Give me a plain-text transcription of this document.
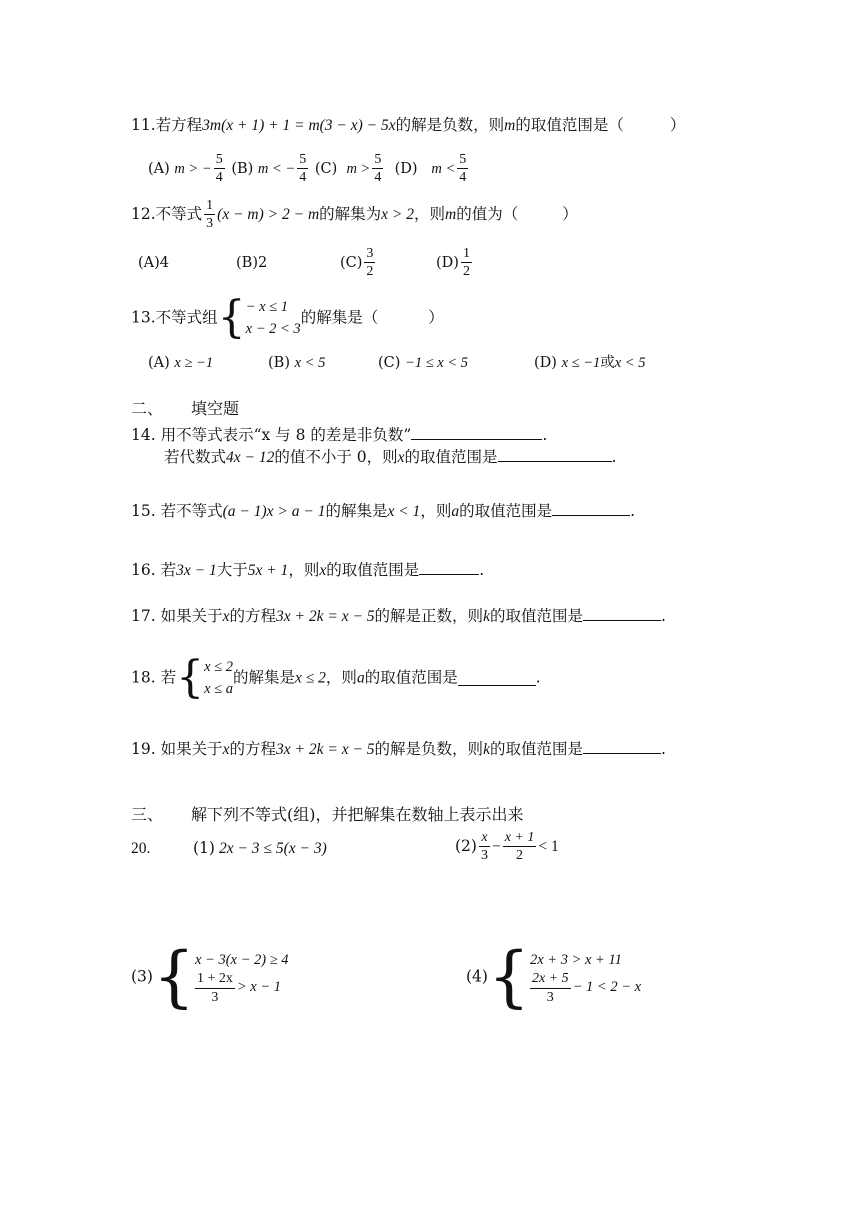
11.若方程3m(x + 1) + 1 = m(3 − x) − 5x的解是负数，则m的取值范围是（	）
(A) m > − $\frac{5}{4} (B) m$ < − $\frac{5}{4} (C) m > \frac{5}{4} (D) m < \frac{5}{4}$
12.不等式 $\frac{1}{3} (x - m) > 2 - m$的解集为x > 2，则m的值为（	）
(A)4	(B)2	$(C) \frac{3}{2}$	$(D) \frac{1}{2}$
13.不等式组{ − x ≤ 1
x − 2 < 3
的解集是（	）
(A) x ≥ −1	(B) x < 5	(C) −1 ≤ x < 5	(D) x ≤ −1或x < 5
二、 填空题
14. 用不等式表示“x 与 8 的差是非负数”	.
若代数式4x − 12的值不小于 0，则x的取值范围是	.
15. 若不等式(a − 1)x > a − 1的解集是x < 1，则a的取值范围是	.
16. 若3x − 1大于5x + 1，则x的取值范围是	.
17. 如果关于x的方程3x + 2k = x − 5的解是正数，则k的取值范围是	.
18. 若{ x ≤ 2
x ≤ a
的解集是x ≤ 2，则a的取值范围是	.
19. 如果关于x的方程3x + 2k = x − 5的解是负数，则k的取值范围是	.
三、 解下列不等式(组)，并把解集在数轴上表示出来
20.	(1) 2x − 3 ≤ 5(x − 3)	$(2) \frac{x}{3} - \frac{x + 1}{2} < 1$
(3){ x − 3(x − 2) ≥ 4
$\frac{1 + 2x}{3} > x - 1$
(4){ 2x + 3 > x + 11
$\frac{2x + 5}{3} - 1 < 2 - x$
